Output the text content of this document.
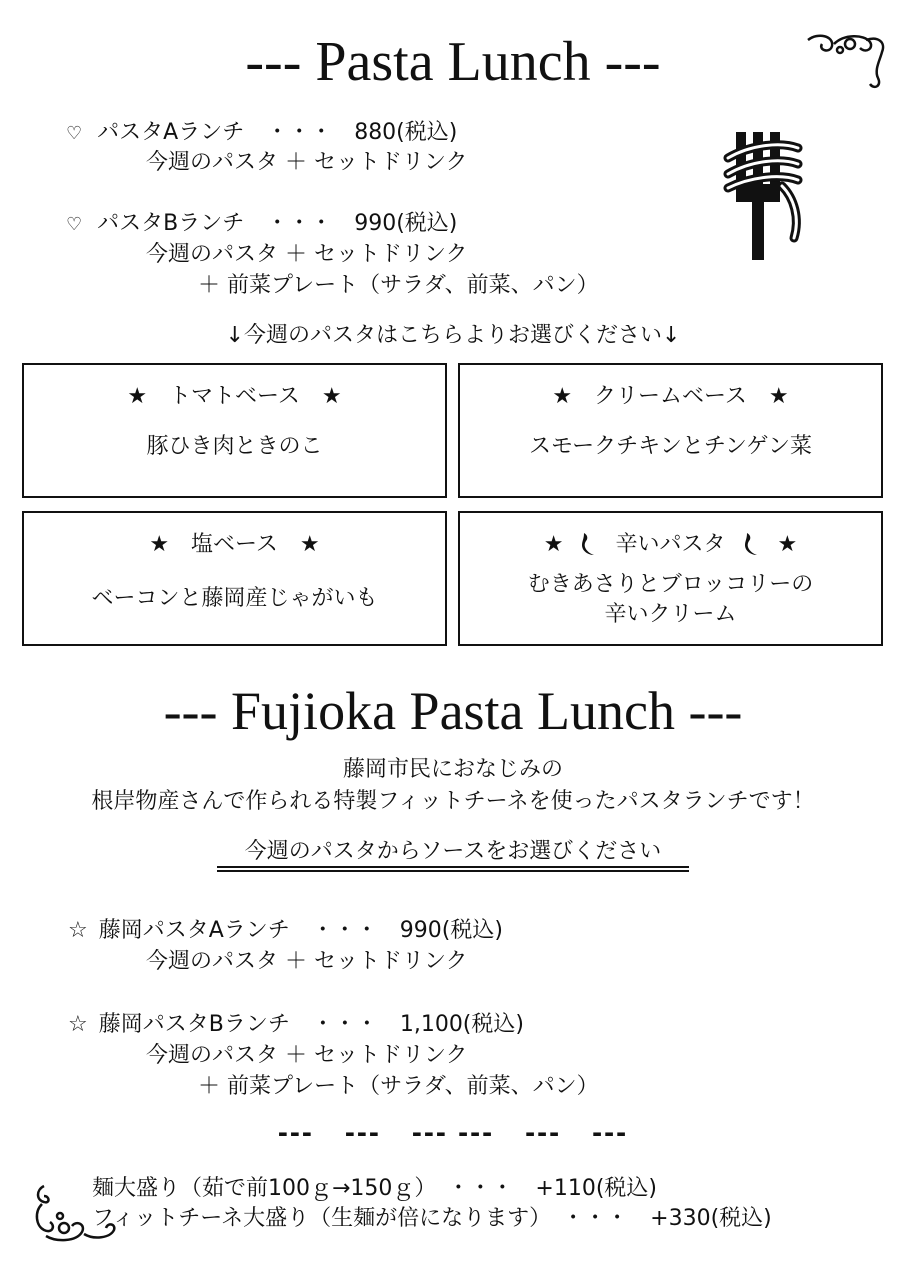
--- Pasta Lunch ---
♡ パスタAランチ　・・・　880(税込)
今週のパスタ ＋ セットドリンク
♡ パスタBランチ　・・・　990(税込)
今週のパスタ ＋ セットドリンク
＋ 前菜プレート（サラダ、前菜、パン）
↓今週のパスタはこちらよりお選びください↓
★　トマトベース　★
豚ひき肉ときのこ
★　クリームベース　★
スモークチキンとチンゲン菜
★　塩ベース　★
ベーコンと藤岡産じゃがいも
★ 辛いパスタ ★
むきあさりとブロッコリーの
辛いクリーム
--- Fujioka Pasta Lunch ---
藤岡市民におなじみの
根岸物産さんで作られる特製フィットチーネを使ったパスタランチです！
今週のパスタからソースをお選びください
☆ 藤岡パスタAランチ　・・・　990(税込)
今週のパスタ ＋ セットドリンク
☆ 藤岡パスタBランチ　・・・　1,100(税込)
今週のパスタ ＋ セットドリンク
＋ 前菜プレート（サラダ、前菜、パン）
---   ---   --- ---   ---   ---
麺大盛り（茹で前100ｇ→150ｇ）　・・・　+110(税込)
フィットチーネ大盛り（生麺が倍になります）　・・・　+330(税込)
